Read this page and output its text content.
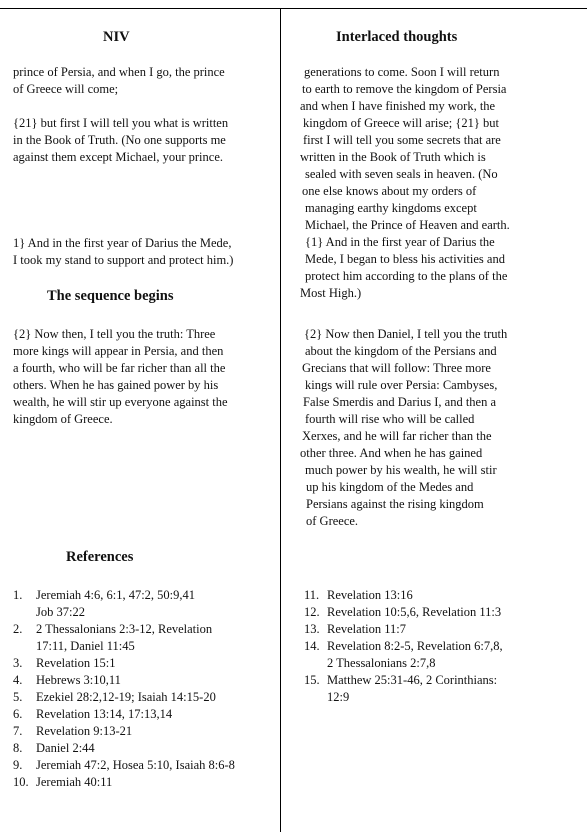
NIV	Interlaced thoughts
The sequence begins
References
prince of Persia, and when I go, the prince
of Greece will come;
{21} but first I will tell you what is written
in the Book of Truth. (No one supports me
against them except Michael, your prince.
1} And in the first year of Darius the Mede,
I took my stand to support and protect him.)
{2} Now then, I tell you the truth: Three
more kings will appear in Persia, and then
a fourth, who will be far richer than all the
others. When he has gained power by his
wealth, he will stir up everyone against the
kingdom of Greece.
generations to come. Soon I will return
to earth to remove the kingdom of Persia
and when I have finished my work, the
kingdom of Greece will arise; {21} but
first I will tell you some secrets that are
written in the Book of Truth which is
sealed with seven seals in heaven. (No
one else knows about my orders of
managing earthy kingdoms except
Michael, the Prince of Heaven and earth.
{1} And in the first year of Darius the
Mede, I began to bless his activities and
protect him according to the plans of the
Most High.)
{2} Now then Daniel, I tell you the truth
about the kingdom of the Persians and
Grecians that will follow: Three more
kings will rule over Persia: Cambyses,
False Smerdis and Darius I, and then a
fourth will rise who will be called
Xerxes, and he will far richer than the
other three. And when he has gained
much power by his wealth, he will stir
up his kingdom of the Medes and
Persians against the rising kingdom
of Greece.
1. Jeremiah 4:6, 6:1, 47:2, 50:9,41
Job 37:22
2. 2 Thessalonians 2:3-12, Revelation
17:11, Daniel 11:45
3. Revelation 15:1
4. Hebrews 3:10,11
5. Ezekiel 28:2,12-19; Isaiah 14:15-20
6. Revelation 13:14, 17:13,14
7. Revelation 9:13-21
8. Daniel 2:44
9. Jeremiah 47:2, Hosea 5:10, Isaiah 8:6-8
10. Jeremiah 40:11
11. Revelation 13:16
12. Revelation 10:5,6, Revelation 11:3
13. Revelation 11:7
14. Revelation 8:2-5, Revelation 6:7,8,
2 Thessalonians 2:7,8
15. Matthew 25:31-46, 2 Corinthians:
12:9
